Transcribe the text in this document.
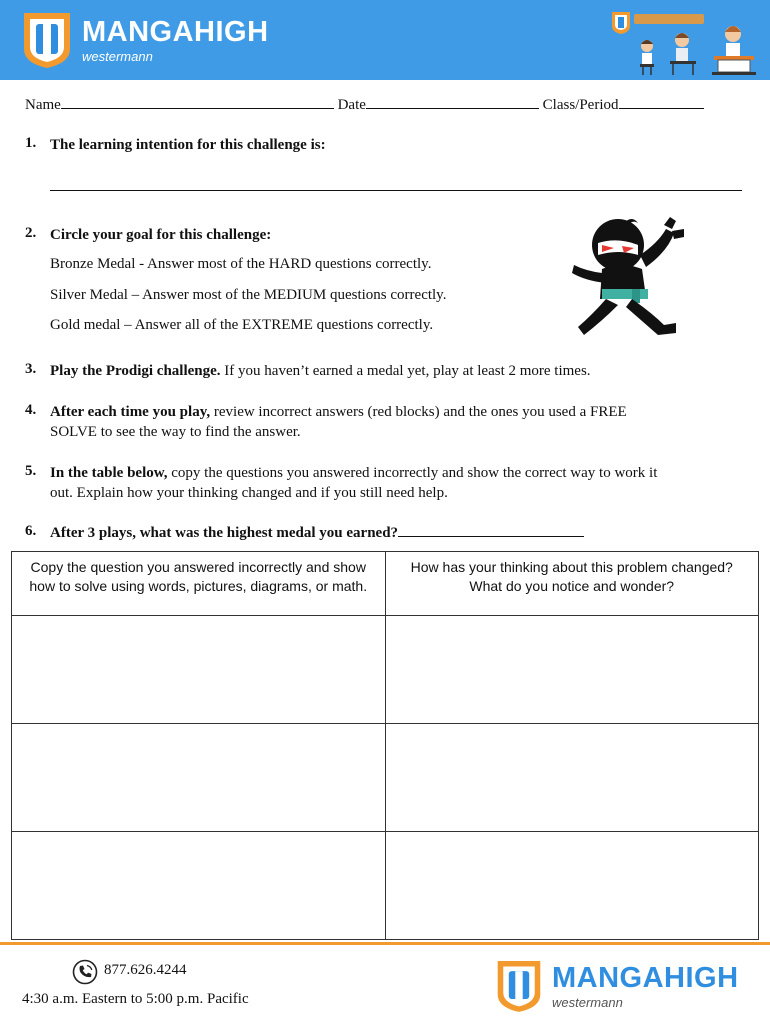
MANGAHIGH
westermann
Name	Date	Class/Period
1. The learning intention for this challenge is:
2. Circle your goal for this challenge:
Bronze Medal - Answer most of the HARD questions correctly.
Silver Medal – Answer most of the MEDIUM questions correctly.
Gold medal – Answer all of the EXTREME questions correctly.
3. Play the Prodigi challenge. If you haven’t earned a medal yet, play at least 2 more times.
4. After each time you play, review incorrect answers (red blocks) and the ones you used a FREE
SOLVE to see the way to find the answer.
5. In the table below, copy the questions you answered incorrectly and show the correct way to work it
out. Explain how your thinking changed and if you still need help.
6. After 3 plays, what was the highest medal you earned?
Copy the question you answered incorrectly and show how to solve using words, pictures, diagrams, or math.	How has your thinking about this problem changed? What do you notice and wonder?

877.626.4244
4:30 a.m. Eastern to 5:00 p.m. Pacific
MANGAHIGH
westermann
